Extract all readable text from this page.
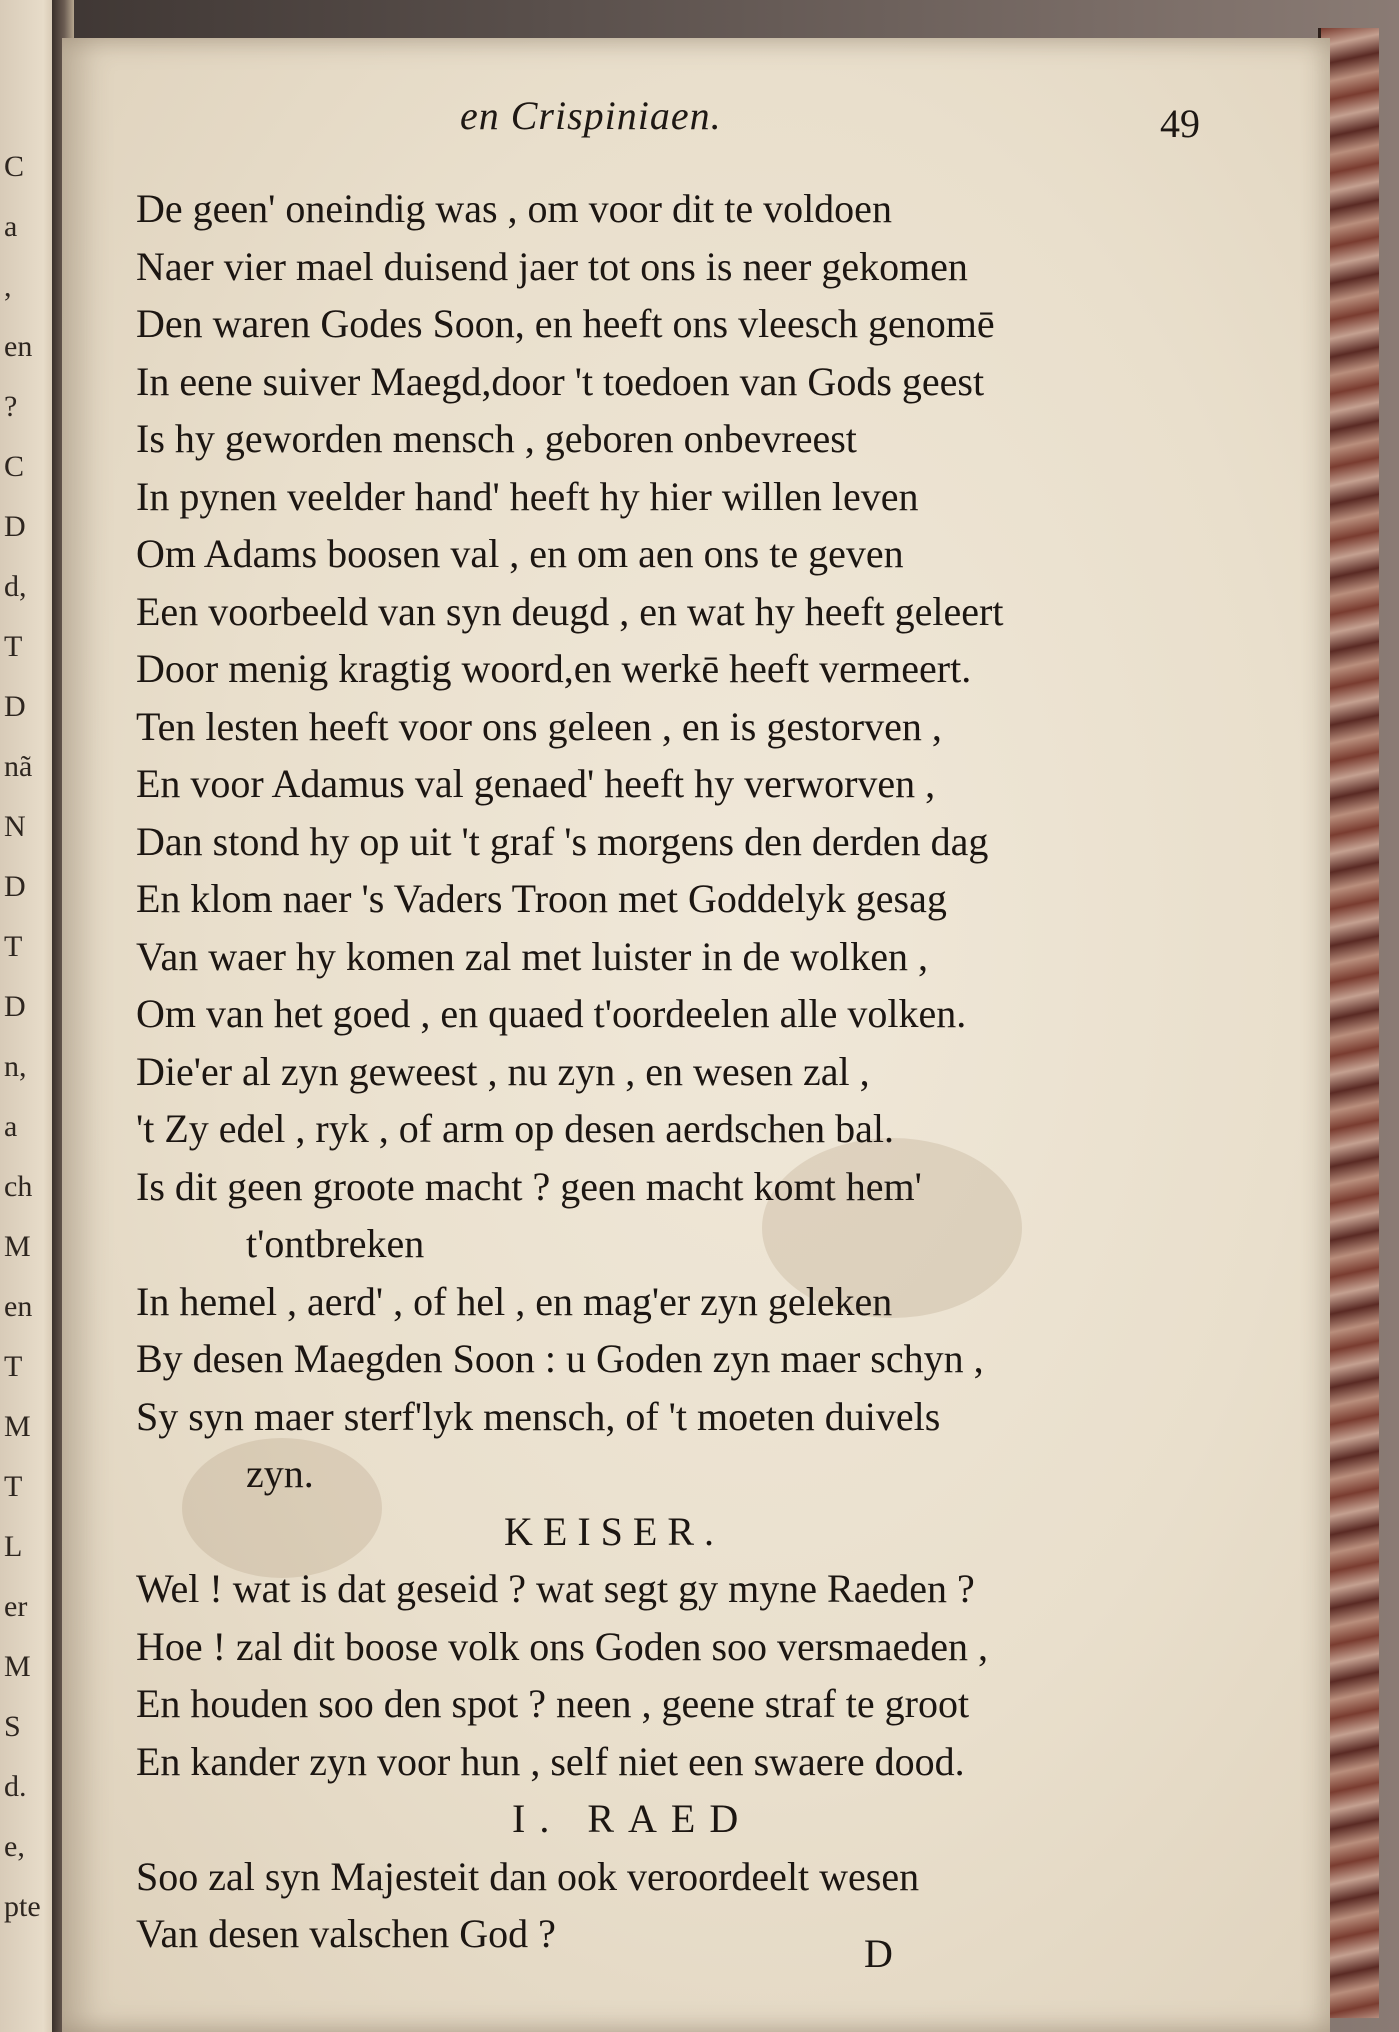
C
a
,
en
?
C
D
d,
T
D
nã
N
D
T
D
n,
a
ch
M
en
T
M
T
L
er
M
S
d.
e,
pte
en Crispiniaen.	49
De geen' oneindig was , om voor dit te voldoen
Naer vier mael duisend jaer tot ons is neer gekomen
Den waren Godes Soon, en heeft ons vleesch genomē
In eene suiver Maegd,door 't toedoen van Gods geest
Is hy geworden mensch , geboren onbevreest
In pynen veelder hand' heeft hy hier willen leven
Om Adams boosen val , en om aen ons te geven
Een voorbeeld van syn deugd , en wat hy heeft geleert
Door menig kragtig woord,en werkē heeft vermeert.
Ten lesten heeft voor ons geleen , en is gestorven ,
En voor Adamus val genaed' heeft hy verworven ,
Dan stond hy op uit 't graf 's morgens den derden dag
En klom naer 's Vaders Troon met Goddelyk gesag
Van waer hy komen zal met luister in de wolken ,
Om van het goed , en quaed t'oordeelen alle volken.
Die'er al zyn geweest , nu zyn , en wesen zal ,
't Zy edel , ryk , of arm op desen aerdschen bal.
Is dit geen groote macht ? geen macht komt hem'
t'ontbreken
In hemel , aerd' , of hel , en mag'er zyn geleken
By desen Maegden Soon : u Goden zyn maer schyn ,
Sy syn maer sterf'lyk mensch, of 't moeten duivels
zyn.
KEISER.
Wel ! wat is dat geseid ? wat segt gy myne Raeden ?
Hoe ! zal dit boose volk ons Goden soo versmaeden ,
En houden soo den spot ? neen , geene straf te groot
En kander zyn voor hun , self niet een swaere dood.
I. RAED
Soo zal syn Majesteit dan ook veroordeelt wesen
Van desen valschen God ?	D
